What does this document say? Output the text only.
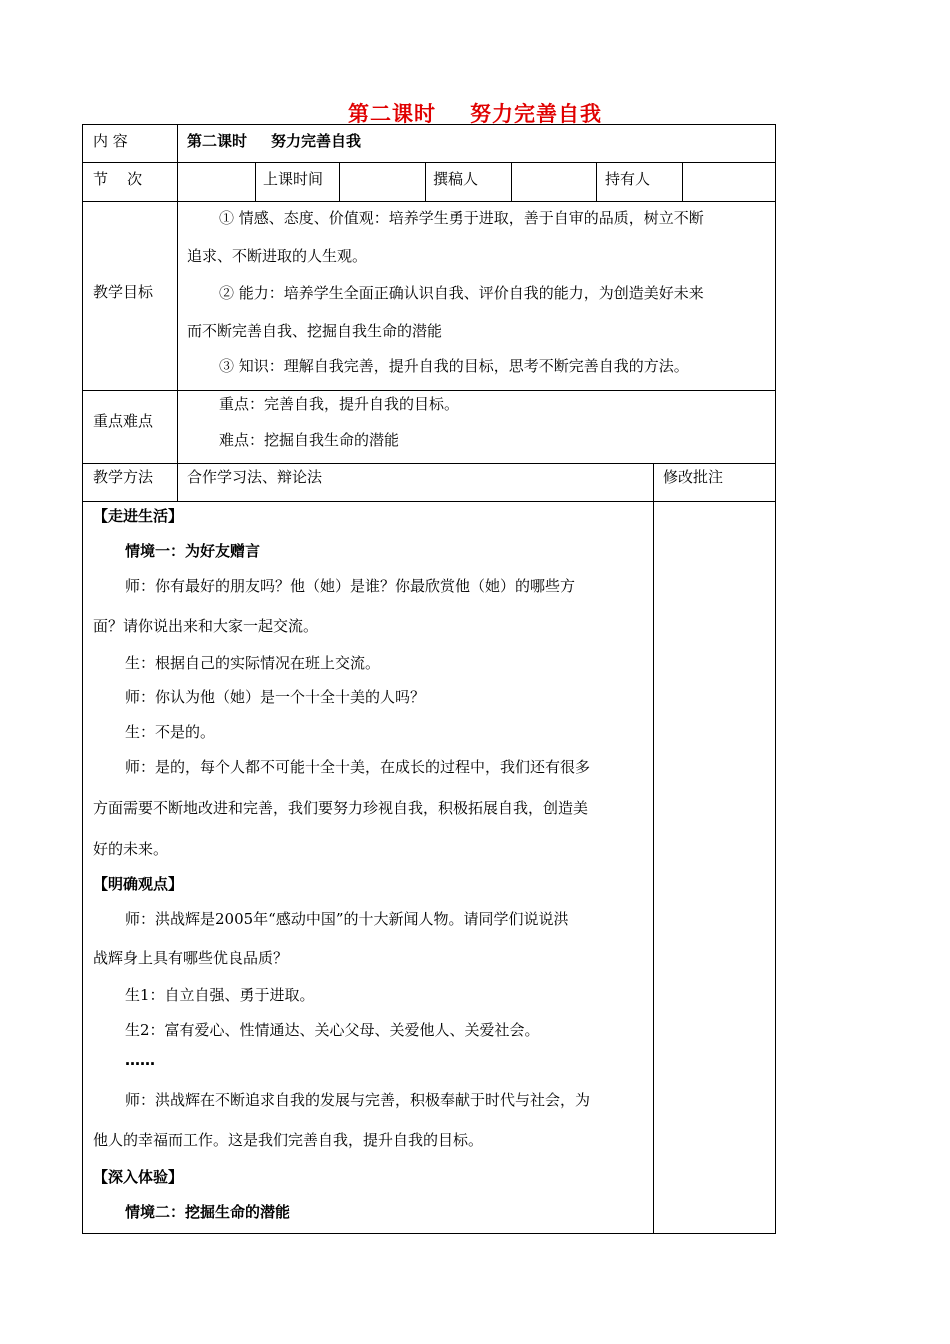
第二课时 努力完善自我
内 容	第二课时 努力完善自我
节    次	上课时间	撰稿人	持有人
教学目标
① 情感、态度、价值观：培养学生勇于进取，善于自审的品质，树立不断
追求、不断进取的人生观。
② 能力：培养学生全面正确认识自我、评价自我的能力，为创造美好未来
而不断完善自我、挖掘自我生命的潜能
③ 知识：理解自我完善，提升自我的目标，思考不断完善自我的方法。
重点难点
重点：完善自我，提升自我的目标。
难点：挖掘自我生命的潜能
教学方法 合作学习法、辩论法	修改批注
【走进生活】
情境一：为好友赠言
师：你有最好的朋友吗？他（她）是谁？你最欣赏他（她）的哪些方
面？请你说出来和大家一起交流。
生：根据自己的实际情况在班上交流。
师：你认为他（她）是一个十全十美的人吗？
生：不是的。
师：是的，每个人都不可能十全十美，在成长的过程中，我们还有很多
方面需要不断地改进和完善，我们要努力珍视自我，积极拓展自我，创造美
好的未来。
【明确观点】
师：洪战辉是2005年“感动中国”的十大新闻人物。请同学们说说洪
战辉身上具有哪些优良品质？
生1：自立自强、勇于进取。
生2：富有爱心、性情通达、关心父母、关爱他人、关爱社会。
……
师：洪战辉在不断追求自我的发展与完善，积极奉献于时代与社会，为
他人的幸福而工作。这是我们完善自我，提升自我的目标。
【深入体验】
情境二：挖掘生命的潜能
